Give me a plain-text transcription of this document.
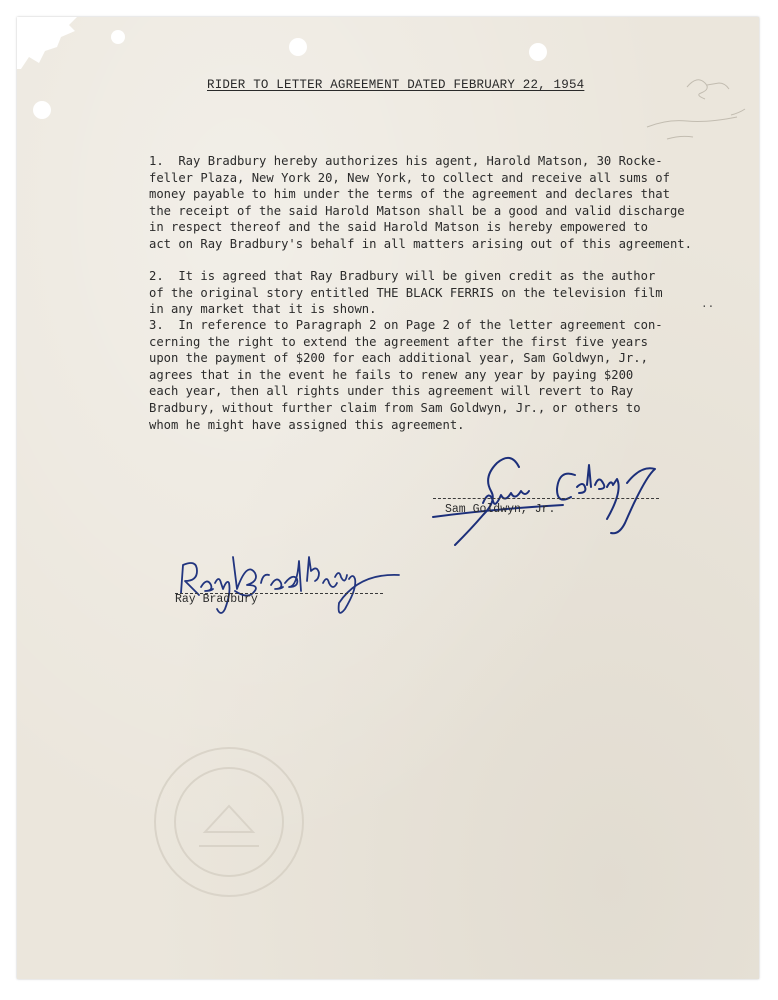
RIDER TO LETTER AGREEMENT DATED FEBRUARY 22, 1954
1.  Ray Bradbury hereby authorizes his agent, Harold Matson, 30 Rocke-
feller Plaza, New York 20, New York, to collect and receive all sums of
money payable to him under the terms of the agreement and declares that
the receipt of the said Harold Matson shall be a good and valid discharge
in respect thereof and the said Harold Matson is hereby empowered to
act on Ray Bradbury's behalf in all matters arising out of this agreement.
2.  It is agreed that Ray Bradbury will be given credit as the author
of the original story entitled THE BLACK FERRIS on the television film
in any market that it is shown.	..
3.  In reference to Paragraph 2 on Page 2 of the letter agreement con-
cerning the right to extend the agreement after the first five years
upon the payment of $200 for each additional year, Sam Goldwyn, Jr.,
agrees that in the event he fails to renew any year by paying $200
each year, then all rights under this agreement will revert to Ray
Bradbury, without further claim from Sam Goldwyn, Jr., or others to
whom he might have assigned this agreement.
Sam Goldwyn, Jr.
Ray Bradbury
